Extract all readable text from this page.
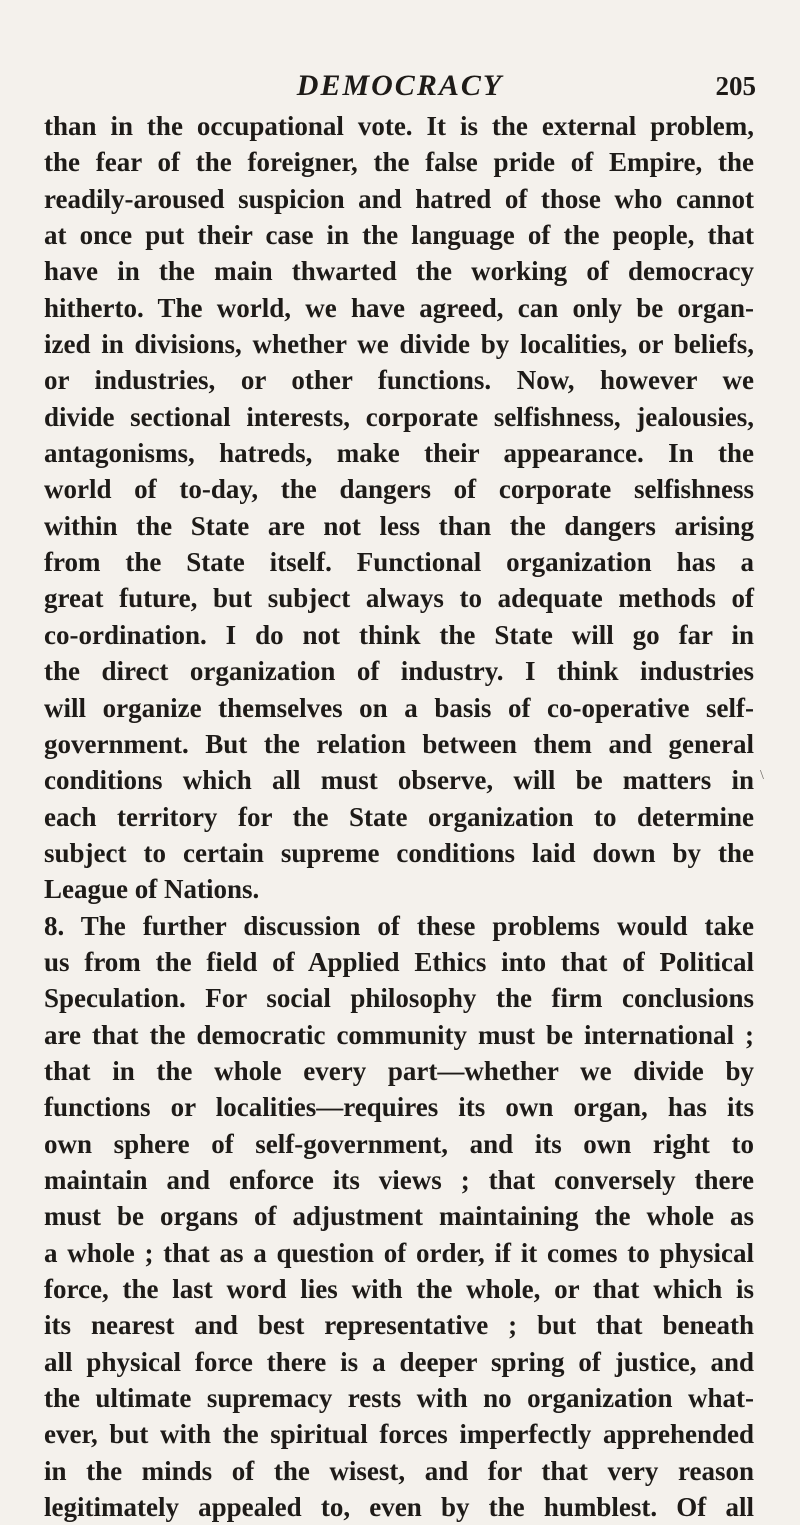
DEMOCRACY	205
than in the occupational vote. It is the external problem,
the fear of the foreigner, the false pride of Empire, the
readily-aroused suspicion and hatred of those who cannot
at once put their case in the language of the people, that
have in the main thwarted the working of democracy
hitherto. The world, we have agreed, can only be organ-
ized in divisions, whether we divide by localities, or beliefs,
or industries, or other functions. Now, however we
divide sectional interests, corporate selfishness, jealousies,
antagonisms, hatreds, make their appearance. In the
world of to-day, the dangers of corporate selfishness
within the State are not less than the dangers arising
from the State itself. Functional organization has a
great future, but subject always to adequate methods of
co-ordination. I do not think the State will go far in
the direct organization of industry. I think industries
will organize themselves on a basis of co-operative self-
government. But the relation between them and general
conditions which all must observe, will be matters in
each territory for the State organization to determine
subject to certain supreme conditions laid down by the
League of Nations.
8. The further discussion of these problems would take
us from the field of Applied Ethics into that of Political
Speculation. For social philosophy the firm conclusions
are that the democratic community must be international ;
that in the whole every part—whether we divide by
functions or localities—requires its own organ, has its
own sphere of self-government, and its own right to
maintain and enforce its views ; that conversely there
must be organs of adjustment maintaining the whole as
a whole ; that as a question of order, if it comes to physical
force, the last word lies with the whole, or that which is
its nearest and best representative ; but that beneath
all physical force there is a deeper spring of justice, and
the ultimate supremacy rests with no organization what-
ever, but with the spiritual forces imperfectly apprehended
in the minds of the wisest, and for that very reason
legitimately appealed to, even by the humblest. Of all
\
